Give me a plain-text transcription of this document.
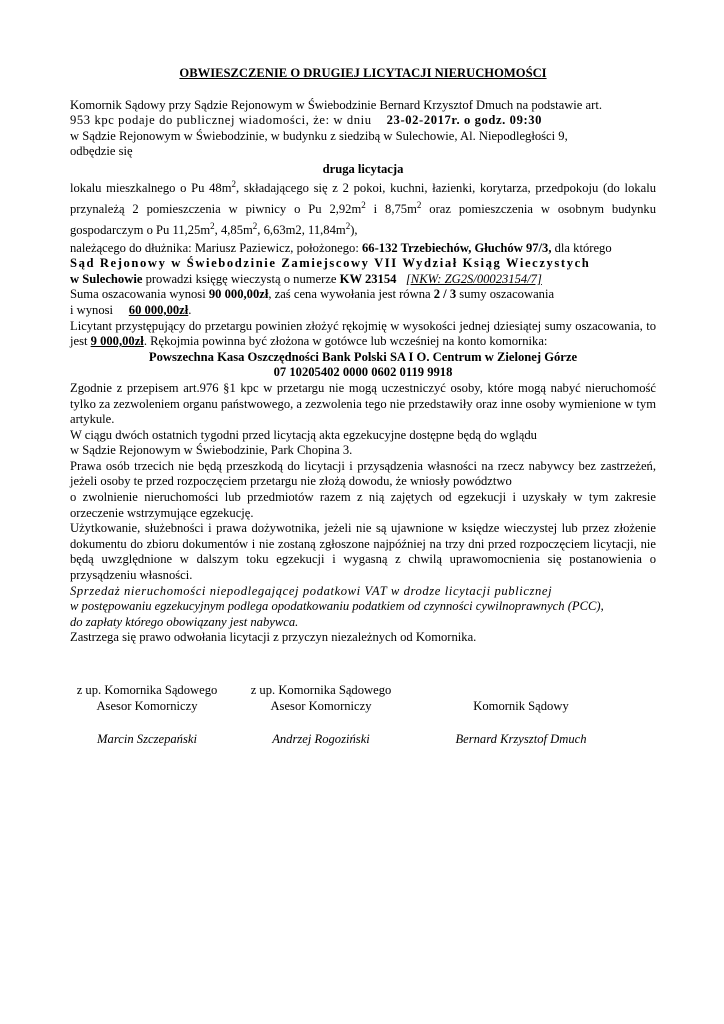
OBWIESZCZENIE O DRUGIEJ LICYTACJI NIERUCHOMOŚCI

Komornik Sądowy przy Sądzie Rejonowym w Świebodzinie Bernard Krzysztof Dmuch na podstawie art.

953 kpc podaje do publicznej wiadomości, że: w dniu    23-02-2017r. o godz. 09:30

w Sądzie Rejonowym w Świebodzinie, w budynku z siedzibą w Sulechowie, Al. Niepodległości 9,

odbędzie się

druga licytacja

lokalu mieszkalnego o Pu $48m^2$, składającego się z 2 pokoi, kuchni, łazienki, korytarza, przedpokoju (do lokalu przynależą 2 pomieszczenia w piwnicy o Pu $2,92m^2$ i $8,75m^2$ oraz pomieszczenia w osobnym budynku gospodarczym o Pu $11,25m^2$, $4,85m^2$, 6,63m2, $11,84m^2$),

należącego do dłużnika: Mariusz Paziewicz, położonego: 66-132 Trzebiechów, Głuchów 97/3, dla którego
Sąd Rejonowy w Świebodzinie Zamiejscowy VII Wydział Ksiąg Wieczystych
w Sulechowie prowadzi księgę wieczystą o numerze KW 23154 [NKW: ZG2S/00023154/7]

Suma oszacowania wynosi 90 000,00zł, zaś cena wywołania jest równa 2 / 3 sumy oszacowania
i wynosi     60 000,00zł.

Licytant przystępujący do przetargu powinien złożyć rękojmię w wysokości jednej dziesiątej sumy oszacowania, to jest 9 000,00zł. Rękojmia powinna być złożona w gotówce lub wcześniej na konto komornika:

Powszechna Kasa Oszczędności Bank Polski SA I O. Centrum w Zielonej Górze

07 10205402 0000 0602 0119 9918

Zgodnie z przepisem art.976 §1 kpc w przetargu nie mogą uczestniczyć osoby, które mogą nabyć nieruchomość tylko za zezwoleniem organu państwowego, a zezwolenia tego nie przedstawiły oraz inne osoby wymienione w tym artykule.

W ciągu dwóch ostatnich tygodni przed licytacją akta egzekucyjne dostępne będą do wglądu

w Sądzie Rejonowym w Świebodzinie, Park Chopina 3.

Prawa osób trzecich nie będą przeszkodą do licytacji i przysądzenia własności na rzecz nabywcy bez zastrzeżeń, jeżeli osoby te przed rozpoczęciem przetargu nie złożą dowodu, że wniosły powództwo

o zwolnienie nieruchomości lub przedmiotów razem z nią zajętych od egzekucji i uzyskały w tym zakresie orzeczenie wstrzymujące egzekucję.

Użytkowanie, służebności i prawa dożywotnika, jeżeli nie są ujawnione w księdze wieczystej lub przez złożenie dokumentu do zbioru dokumentów i nie zostaną zgłoszone najpóźniej na trzy dni przed rozpoczęciem licytacji, nie będą uwzględnione w dalszym toku egzekucji i wygasną z chwilą uprawomocnienia się postanowienia o przysądzeniu własności.

Sprzedaż nieruchomości niepodlegającej podatkowi VAT w drodze licytacji publicznej

w postępowaniu egzekucyjnym podlega opodatkowaniu podatkiem od czynności cywilnoprawnych (PCC),

do zapłaty którego obowiązany jest nabywca.

Zastrzega się prawo odwołania licytacji z przyczyn niezależnych od Komornika.

z up. Komornika Sądowego
Asesor Komorniczy
Marcin Szczepański
z up. Komornika Sądowego
Asesor Komorniczy
Andrzej Rogoziński
Komornik Sądowy
Bernard Krzysztof Dmuch
